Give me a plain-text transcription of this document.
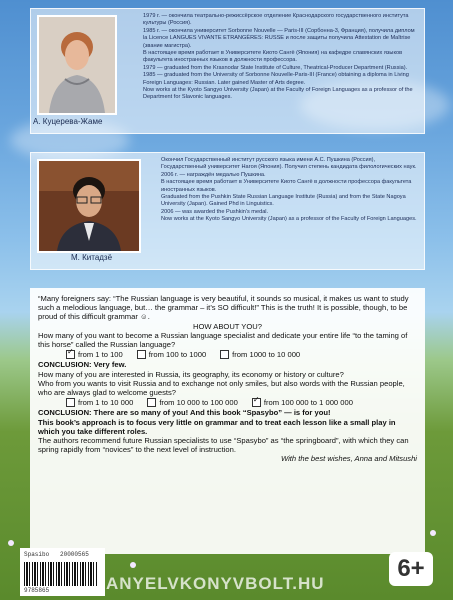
А. Куцерева-Жаме

1979 г. — окончила театрально-режиссёрское отделение Краснодарского государственного института культуры (Россия).

1985 г. — окончила университет Sorbonne Nouvelle — Paris-III (Сорбонна-3, Франция), получила диплом la Licence LANGUES VIVANTE ETRANGÈRES: RUSSE и после защиты получила Attestation de Maîtrise (звание магистра).

В настоящее время работает в Университете Киото Сангё (Япония) на кафедре славянских языков факультета иностранных языков в должности профессора.

1979 — graduated from the Krasnodar State Institute of Culture, Theatrical-Producer Department (Russia).

1985 — graduated from the University of Sorbonne Nouvelle-Paris-III (France) obtaining a diploma in Living Foreign Languages: Russian. Later gained Master of Arts degree.

Now works at the Kyoto Sangyo University (Japan) at the Faculty of Foreign Languages as a professor of the Department for Slavonic languages.

М. Китадзё

Окончил Государственный институт русского языка имени А.С. Пушкина (Россия), Государственный университет Нагоя (Япония). Получил степень кандидата филологических наук.

2006 г. — награждён медалью Пушкина.

В настоящее время работает в Университете Киото Сангё в должности профессора факультета иностранных языков.

Graduated from the Pushkin State Russian Language Institute (Russia) and from the State Nagoya University (Japan). Gained Phd in Linguistics.

2006 — was awarded the Pushkin's medal.

Now works at the Kyoto Sangyo University (Japan) as a professor of the Faculty of Foreign Languages.

“Many foreigners say: “The Russian language is very beautiful, it sounds so musical, it makes us want to study such a melodious language, but… the grammar – it’s SO difficult!” This is the truth! It is possible, though, to be proud of this difficult grammar ☺.

HOW ABOUT YOU?

How many of you want to become a Russian language specialist and dedicate your entire life “to the taming of this horse” called the Russian language?

✓
from 1 to 100	from 100 to 1000	from 1000 to 10 000

CONCLUSION: Very few.

How many of you are interested in Russia, its geography, its economy or history or culture?

Who from you wants to visit Russia and to exchange not only smiles, but also words with the Russian people, who are always glad to welcome guests?

from 1 to 10 000	from 10 000 to 100 000
✓	from 100 000 to 1 000 000

CONCLUSION: There are so many of you! And this book “Spasybo” — is for you!

This book’s approach is to focus very little on grammar and to treat each lesson like a small play in which you take different roles.

The authors recommend future Russian specialists to use “Spasybo” as “the springboard”, with which they can spring rapidly from “novices” to the next level of instruction.

With the best wishes, Anna and Mitsushi

Spasibo 20000565
9785865
6+
ANYELVKONYVBOLT.HU
